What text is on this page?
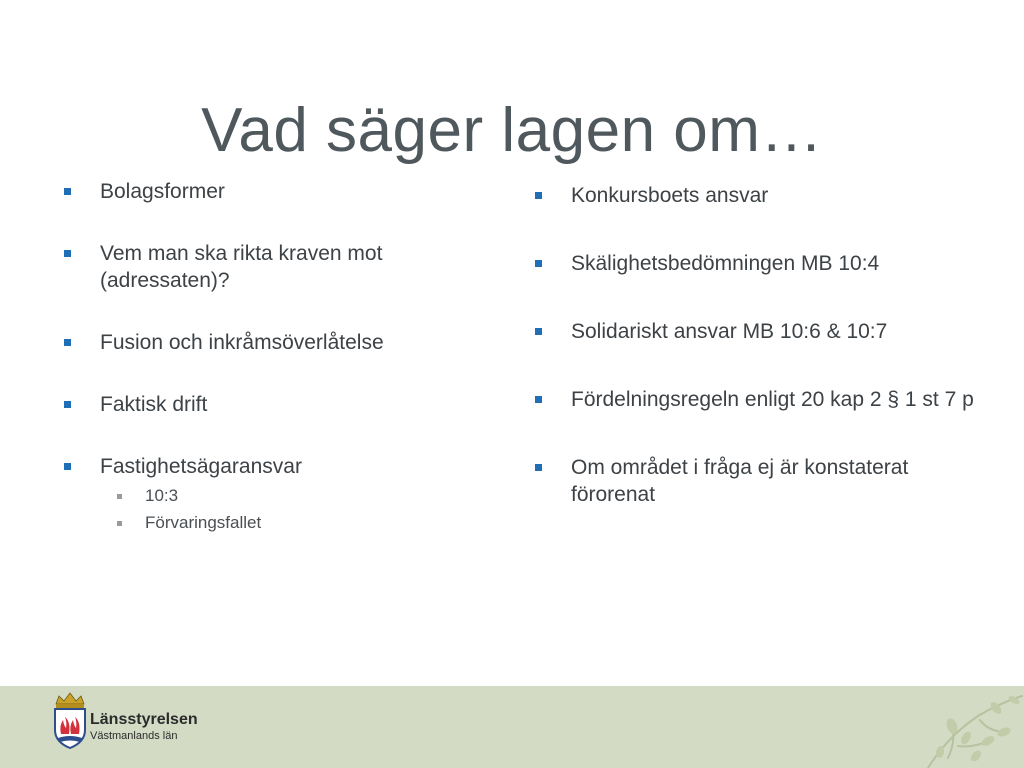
Vad säger lagen om…
Bolagsformer
Vem man ska rikta kraven mot (adressaten)?
Fusion och inkråmsöverlåtelse
Faktisk drift
Fastighetsägaransvar
10:3
Förvaringsfallet
Konkursboets ansvar
Skälighetsbedömningen MB 10:4
Solidariskt ansvar MB 10:6 & 10:7
Fördelningsregeln enligt 20 kap 2 § 1 st 7 p
Om området i fråga ej är konstaterat förorenat
Länsstyrelsen
Västmanlands län
